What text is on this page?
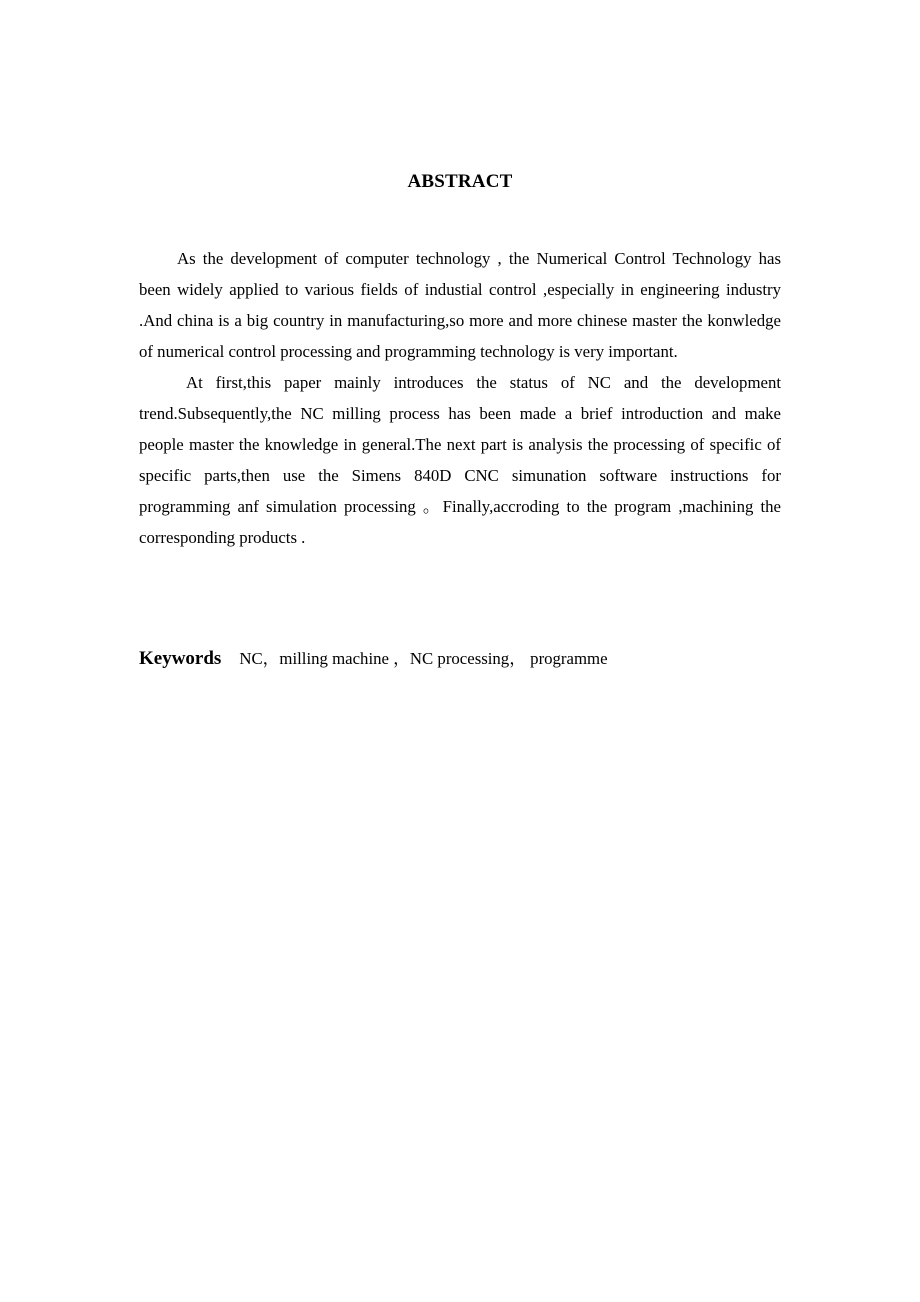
ABSTRACT

As the development of computer technology , the Numerical Control Technology has been widely applied to various fields of industial control ,especially in engineering industry .And china is a big country in manufacturing,so more and more chinese master the konwledge of numerical control processing and programming technology is very important.

At first,this paper mainly introduces the status of NC and the development trend.Subsequently,the NC milling process has been made a brief introduction and make people master the knowledge in general.The next part is analysis the processing of specific of specific parts,then use the Simens 840D CNC simunation software instructions for programming anf simulation processing 。Finally,accroding to the program ,machining the corresponding products .

Keywords NC，milling machine ，NC processing， programme
